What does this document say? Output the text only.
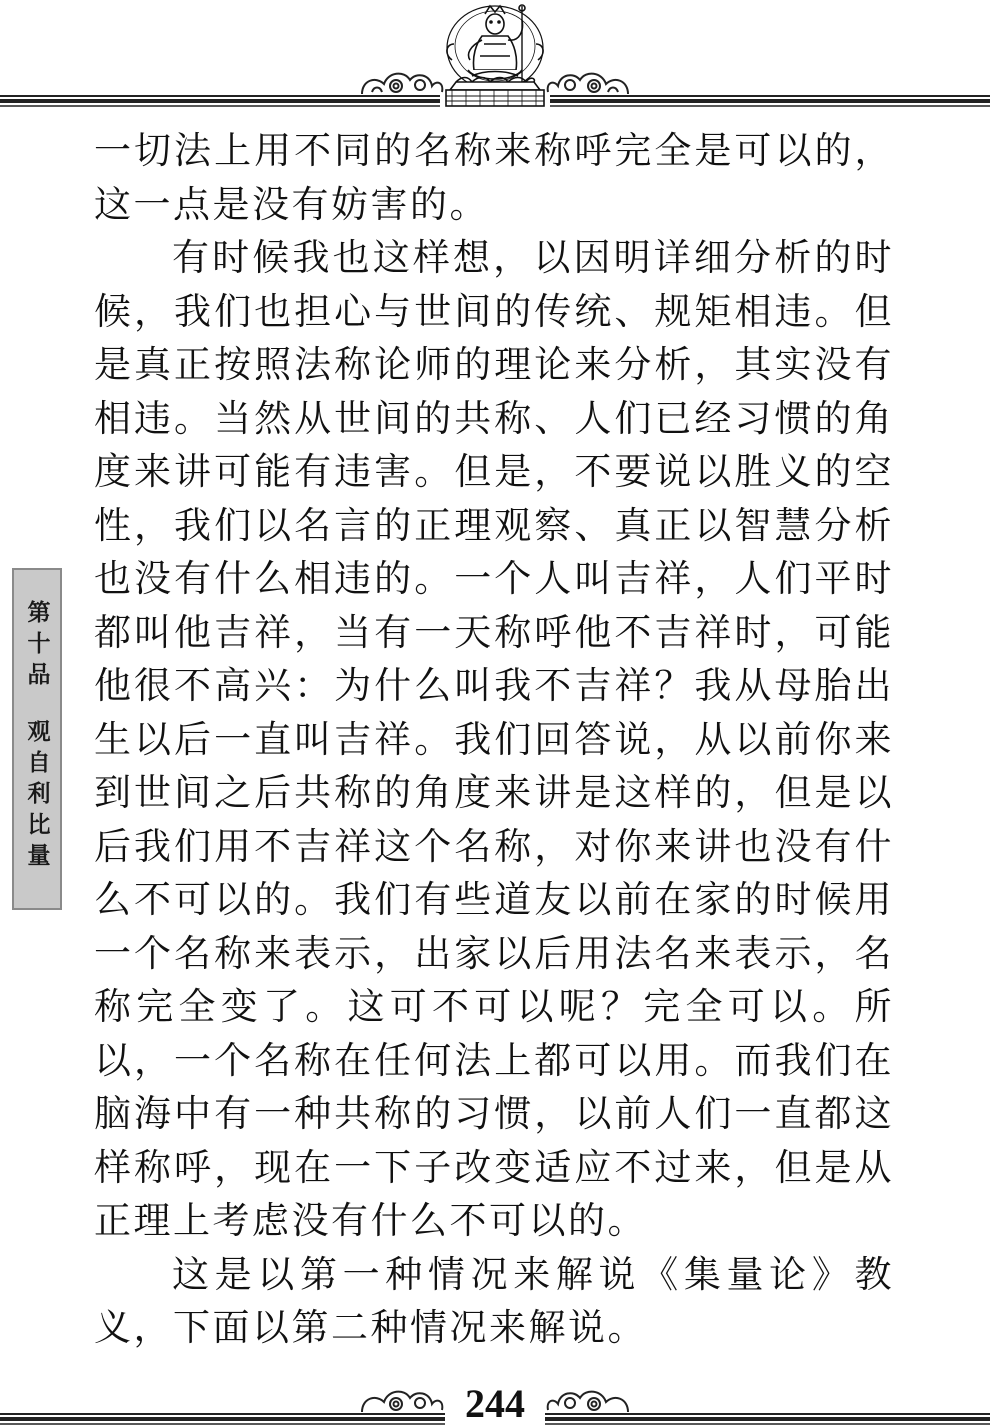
第十品
观自利比量

一切法上用不同的名称来称呼完全是可以的，这一点是没有妨害的。

有时候我也这样想，以因明详细分析的时候，我们也担心与世间的传统、规矩相违。但是真正按照法称论师的理论来分析，其实没有相违。当然从世间的共称、人们已经习惯的角度来讲可能有违害。但是，不要说以胜义的空性，我们以名言的正理观察、真正以智慧分析也没有什么相违的。一个人叫吉祥，人们平时都叫他吉祥，当有一天称呼他不吉祥时，可能他很不高兴：为什么叫我不吉祥？我从母胎出生以后一直叫吉祥。我们回答说，从以前你来到世间之后共称的角度来讲是这样的，但是以后我们用不吉祥这个名称，对你来讲也没有什么不可以的。我们有些道友以前在家的时候用一个名称来表示，出家以后用法名来表示，名称完全变了。这可不可以呢？完全可以。所以，一个名称在任何法上都可以用。而我们在脑海中有一种共称的习惯，以前人们一直都这样称呼，现在一下子改变适应不过来，但是从正理上考虑没有什么不可以的。

这是以第一种情况来解说《集量论》教义，下面以第二种情况来解说。

244
